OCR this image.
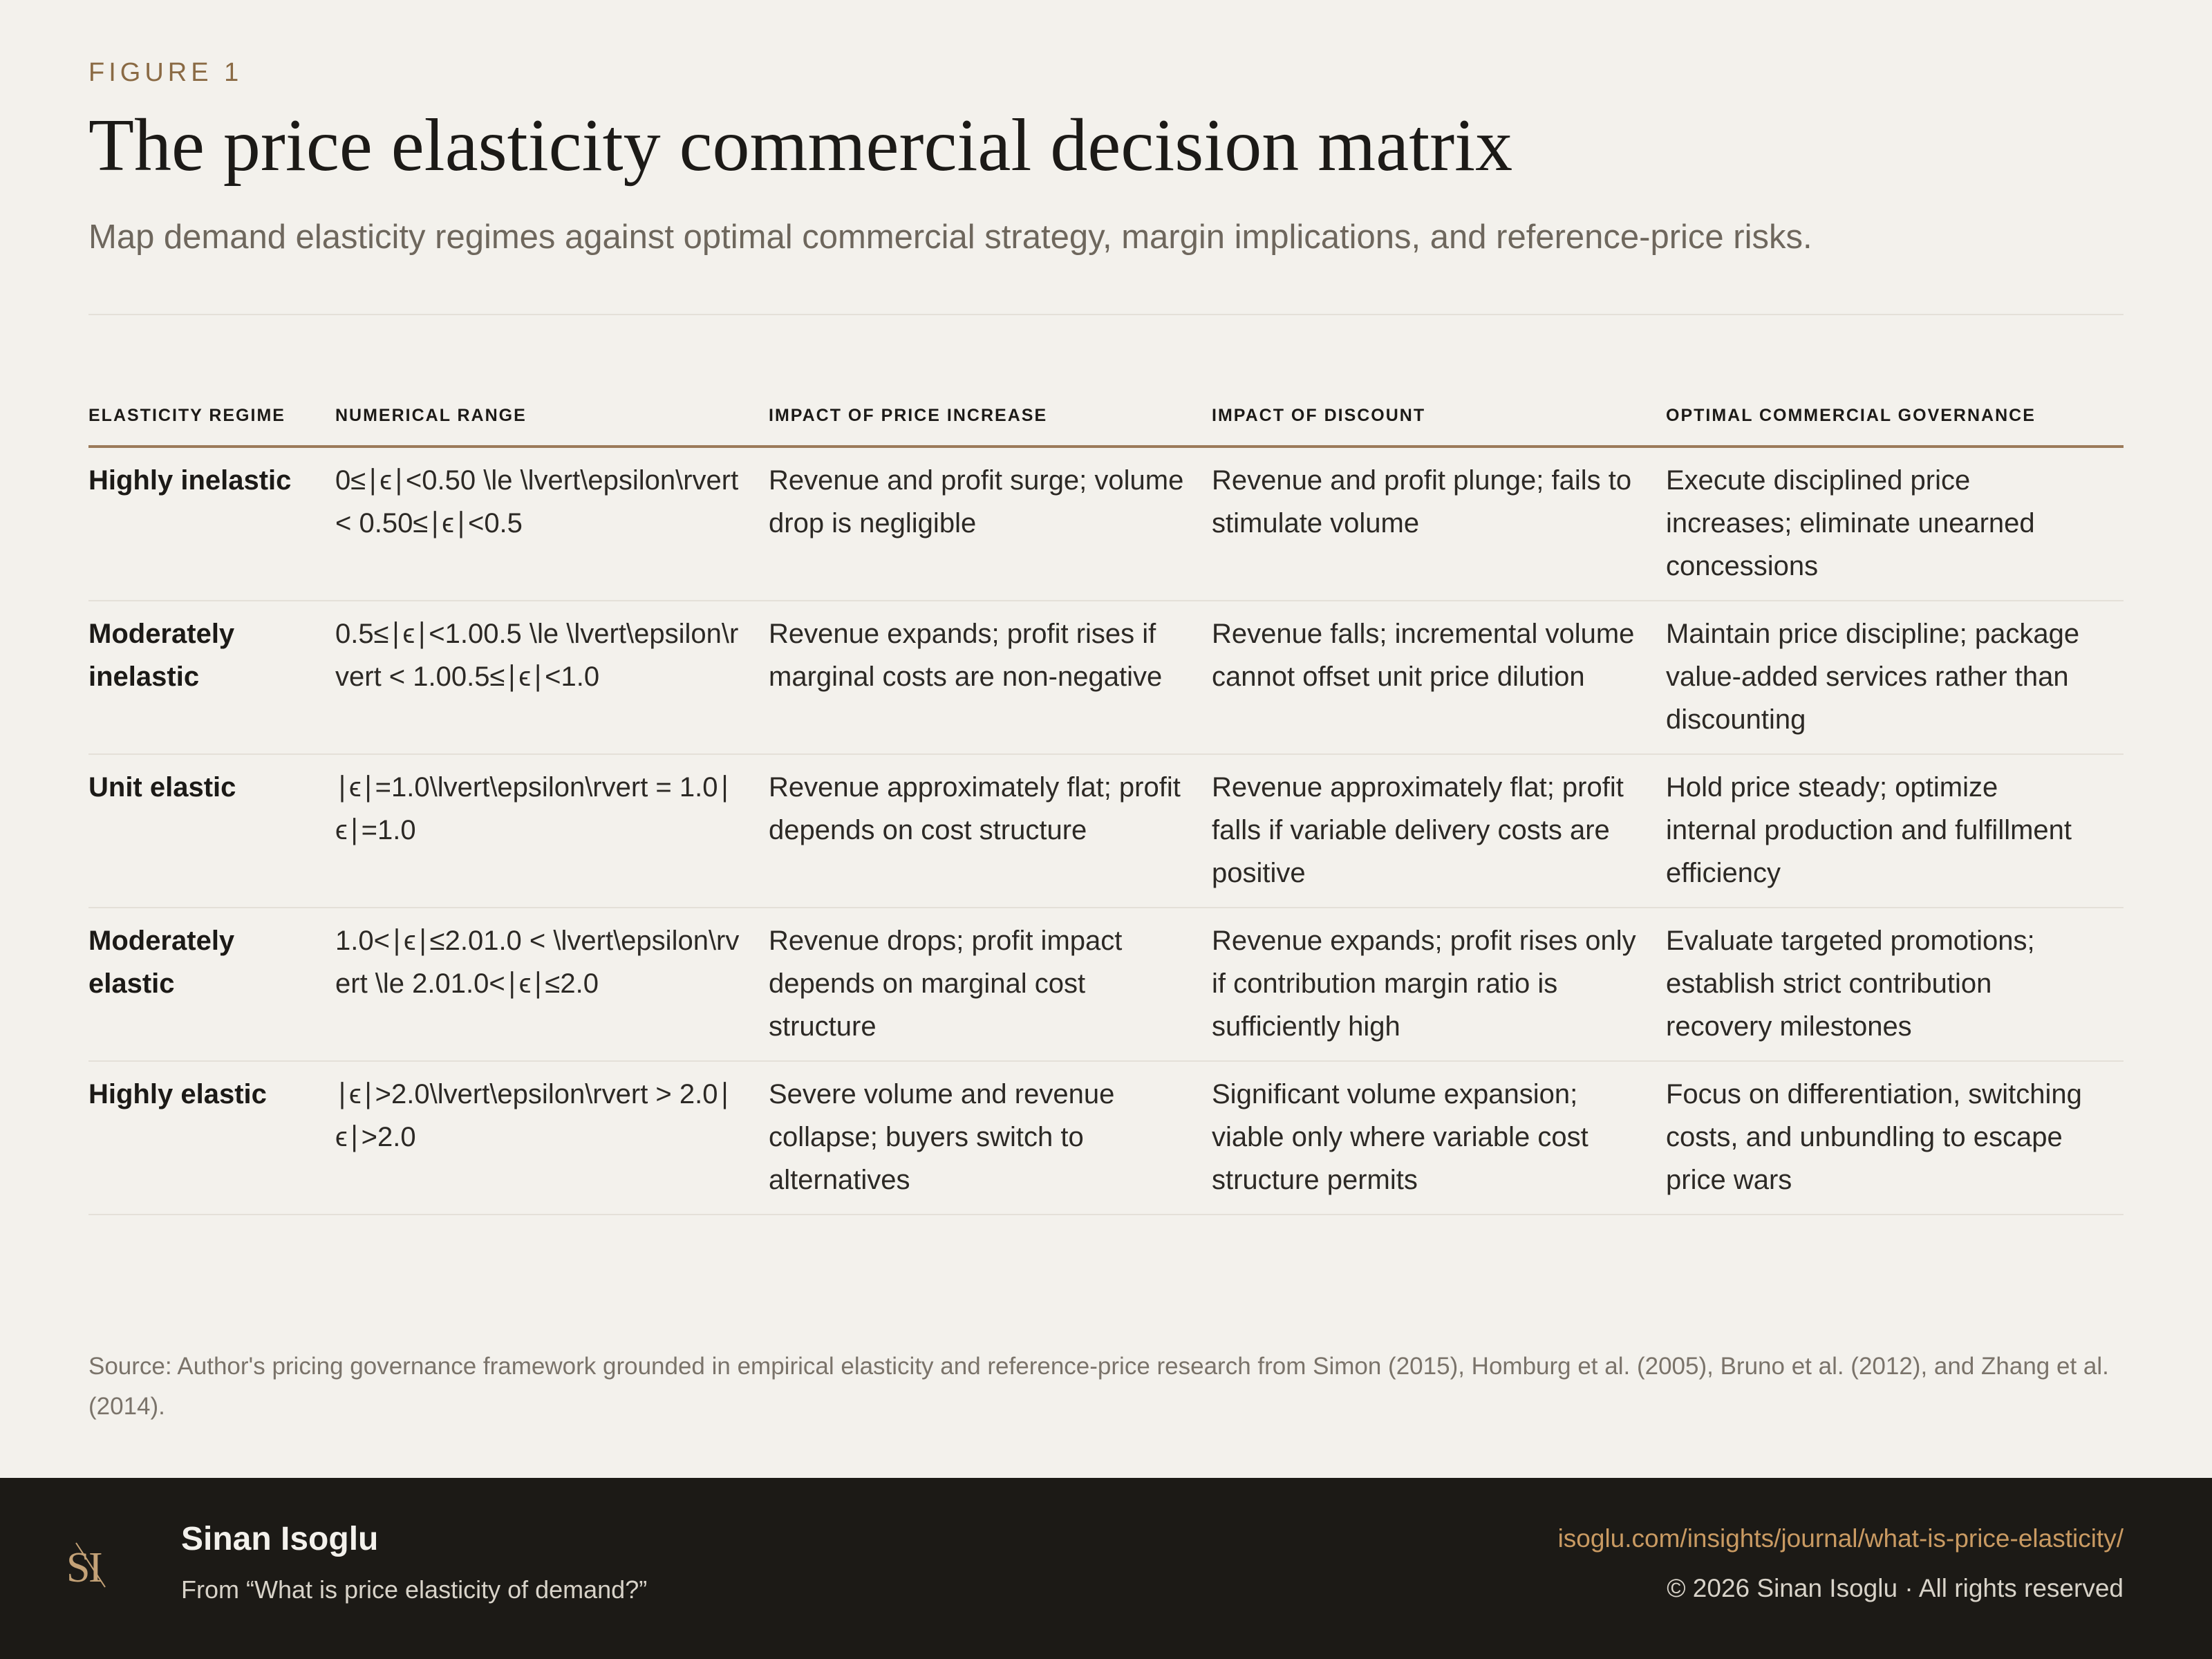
FIGURE 1
The price elasticity commercial decision matrix
Map demand elasticity regimes against optimal commercial strategy, margin implications, and reference-price risks.
ELASTICITY REGIME	NUMERICAL RANGE	IMPACT OF PRICE INCREASE	IMPACT OF DISCOUNT	OPTIMAL COMMERCIAL GOVERNANCE
Highly inelastic	0≤∣ϵ∣<0.50 \le \lvert\epsilon\rvert < 0.50≤∣ϵ∣<0.5	Revenue and profit surge; volume drop is negligible	Revenue and profit plunge; fails to stimulate volume	Execute disciplined price increases; eliminate unearned concessions
Moderately inelastic	0.5≤∣ϵ∣<1.00.5 \le \lvert\epsilon\rvert < 1.00.5≤∣ϵ∣<1.0	Revenue expands; profit rises if marginal costs are non-negative	Revenue falls; incremental volume cannot offset unit price dilution	Maintain price discipline; package value-added services rather than discounting
Unit elastic	∣ϵ∣=1.0\lvert\epsilon\rvert = 1.0∣ϵ∣=1.0	Revenue approximately flat; profit depends on cost structure	Revenue approximately flat; profit falls if variable delivery costs are positive	Hold price steady; optimize internal production and fulfillment efficiency
Moderately elastic	1.0<∣ϵ∣≤2.01.0 < \lvert\epsilon\rvert \le 2.01.0<∣ϵ∣≤2.0	Revenue drops; profit impact depends on marginal cost structure	Revenue expands; profit rises only if contribution margin ratio is sufficiently high	Evaluate targeted promotions; establish strict contribution recovery milestones
Highly elastic	∣ϵ∣>2.0\lvert\epsilon\rvert > 2.0∣ϵ∣>2.0	Severe volume and revenue collapse; buyers switch to alternatives	Significant volume expansion; viable only where variable cost structure permits	Focus on differentiation, switching costs, and unbundling to escape price wars
Source: Author's pricing governance framework grounded in empirical elasticity and reference-price research from Simon (2015), Homburg et al. (2005), Bruno et al. (2012), and Zhang et al. (2014).
S
I
Sinan Isoglu
From “What is price elasticity of demand?”
isoglu.com/insights/journal/what-is-price-elasticity/
© 2026 Sinan Isoglu · All rights reserved
